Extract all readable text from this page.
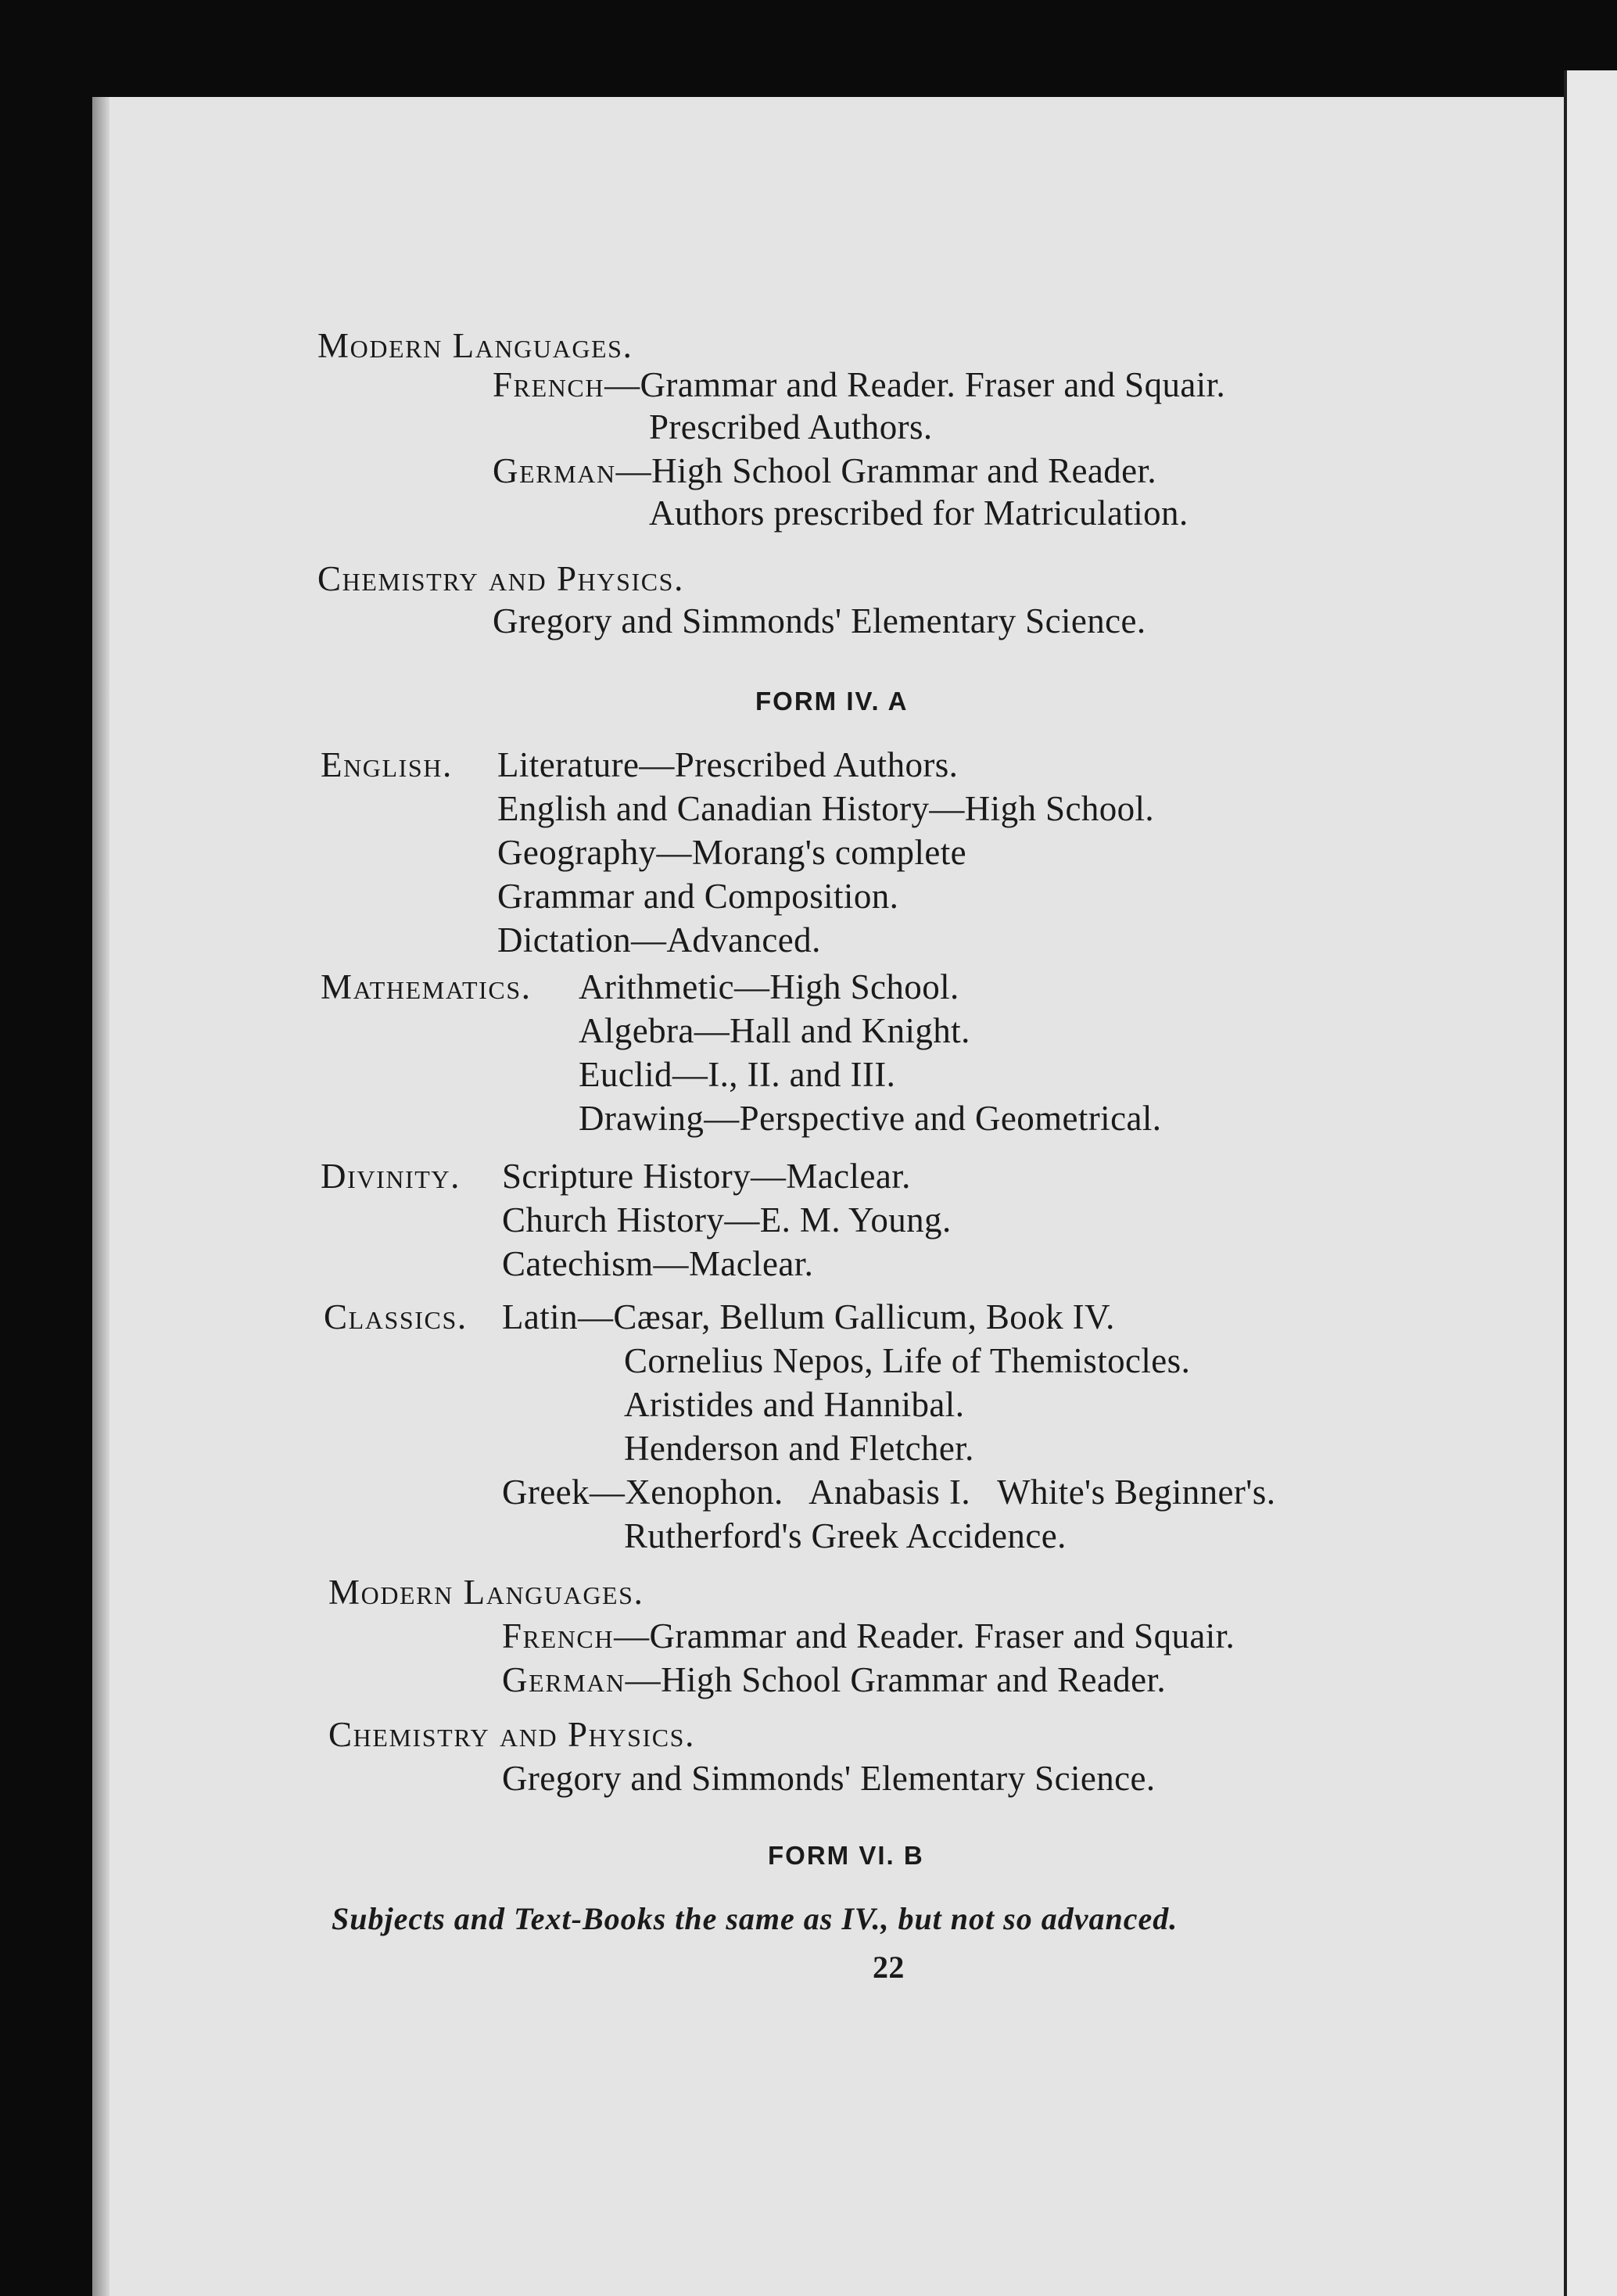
Modern Languages.
French—Grammar and Reader. Fraser and Squair.
Prescribed Authors.
German—High School Grammar and Reader.
Authors prescribed for Matriculation.
Chemistry and Physics.
Gregory and Simmonds' Elementary Science.
FORM IV. A
English. Literature—Prescribed Authors.
English and Canadian History—High School.
Geography—Morang's complete
Grammar and Composition.
Dictation—Advanced.
Mathematics. Arithmetic—High School.
Algebra—Hall and Knight.
Euclid—I., II. and III.
Drawing—Perspective and Geometrical.
Divinity. Scripture History—Maclear.
Church History—E. M. Young.
Catechism—Maclear.
Classics. Latin—Cæsar, Bellum Gallicum, Book IV.
Cornelius Nepos, Life of Themistocles.
Aristides and Hannibal.
Henderson and Fletcher.
Greek—Xenophon.   Anabasis I.   White's Beginner's.
Rutherford's Greek Accidence.
Modern Languages.
French—Grammar and Reader. Fraser and Squair.
German—High School Grammar and Reader.
Chemistry and Physics.
Gregory and Simmonds' Elementary Science.
FORM VI. B
Subjects and Text-Books the same as IV., but not so advanced.
22
